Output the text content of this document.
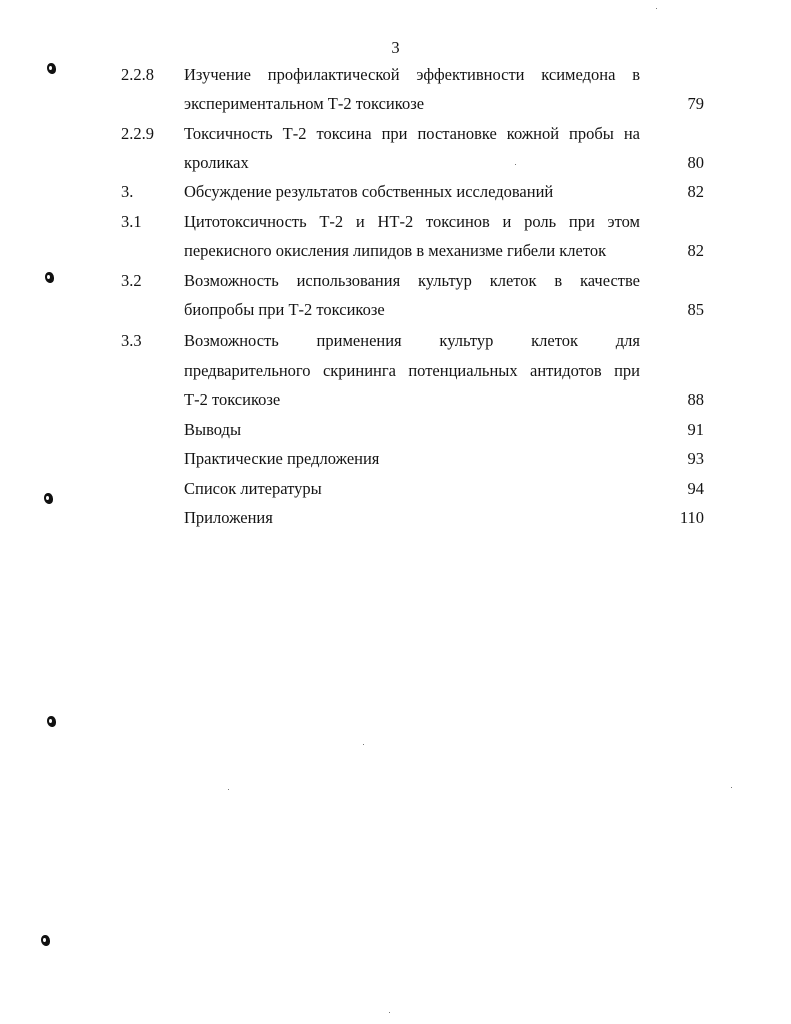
3
2.2.8 Изучение профилактической эффективности ксимедона в
экспериментальном Т-2 токсикозе	79
2.2.9 Токсичность Т-2 токсина при постановке кожной пробы на
кроликах	80
3.	Обсуждение результатов собственных исследований	82
3.1	Цитотоксичность Т-2 и НТ-2 токсинов и роль при этом
перекисного окисления липидов в механизме гибели клеток	82
3.2	Возможность использования культур клеток в качестве
биопробы при Т-2 токсикозе	85
3.3	Возможность применения культур клеток для
предварительного скрининга потенциальных антидотов при
Т-2 токсикозе	88
Выводы	91
Практические предложения	93
Список литературы	94
Приложения	110
